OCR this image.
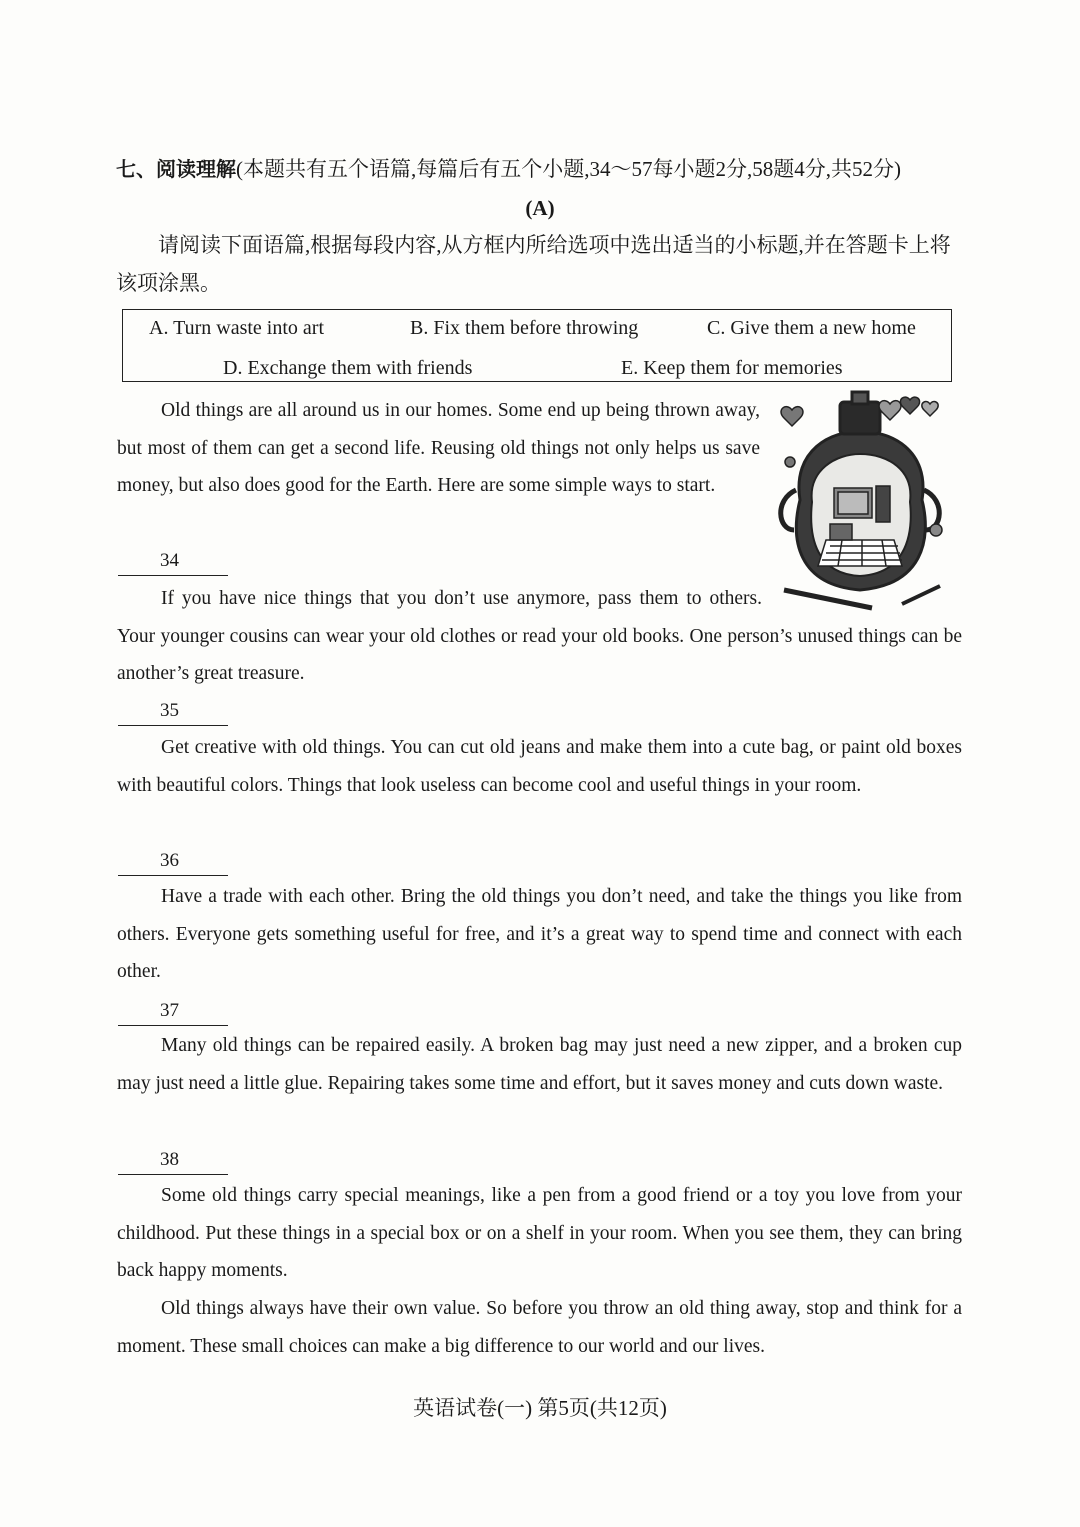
七、阅读理解(本题共有五个语篇,每篇后有五个小题,34～57每小题2分,58题4分,共52分)
(A)

请阅读下面语篇,根据每段内容,从方框内所给选项中选出适当的小标题,并在答题卡上将该项涂黑。

A. Turn waste into art	B. Fix them before throwing	C. Give them a new home
D. Exchange them with friends	E. Keep them for memories

Old things are all around us in our homes. Some end up being thrown away, but most of them can get a second life. Reusing old things not only helps us save money, but also does good for the Earth. Here are some simple ways to start.

34

If you have nice things that you don’t use anymore, pass them to others. Your younger cousins can wear your old clothes or read your old books. One person’s unused things can be another’s great treasure.

35

Get creative with old things. You can cut old jeans and make them into a cute bag, or paint old boxes with beautiful colors. Things that look useless can become cool and useful things in your room.

36

Have a trade with each other. Bring the old things you don’t need, and take the things you like from others. Everyone gets something useful for free, and it’s a great way to spend time and connect with each other.

37

Many old things can be repaired easily. A broken bag may just need a new zipper, and a broken cup may just need a little glue. Repairing takes some time and effort, but it saves money and cuts down waste.

38

Some old things carry special meanings, like a pen from a good friend or a toy you love from your childhood. Put these things in a special box or on a shelf in your room. When you see them, they can bring back happy moments.

Old things always have their own value. So before you throw an old thing away, stop and think for a moment. These small choices can make a big difference to our world and our lives.

英语试卷(一) 第5页(共12页)
